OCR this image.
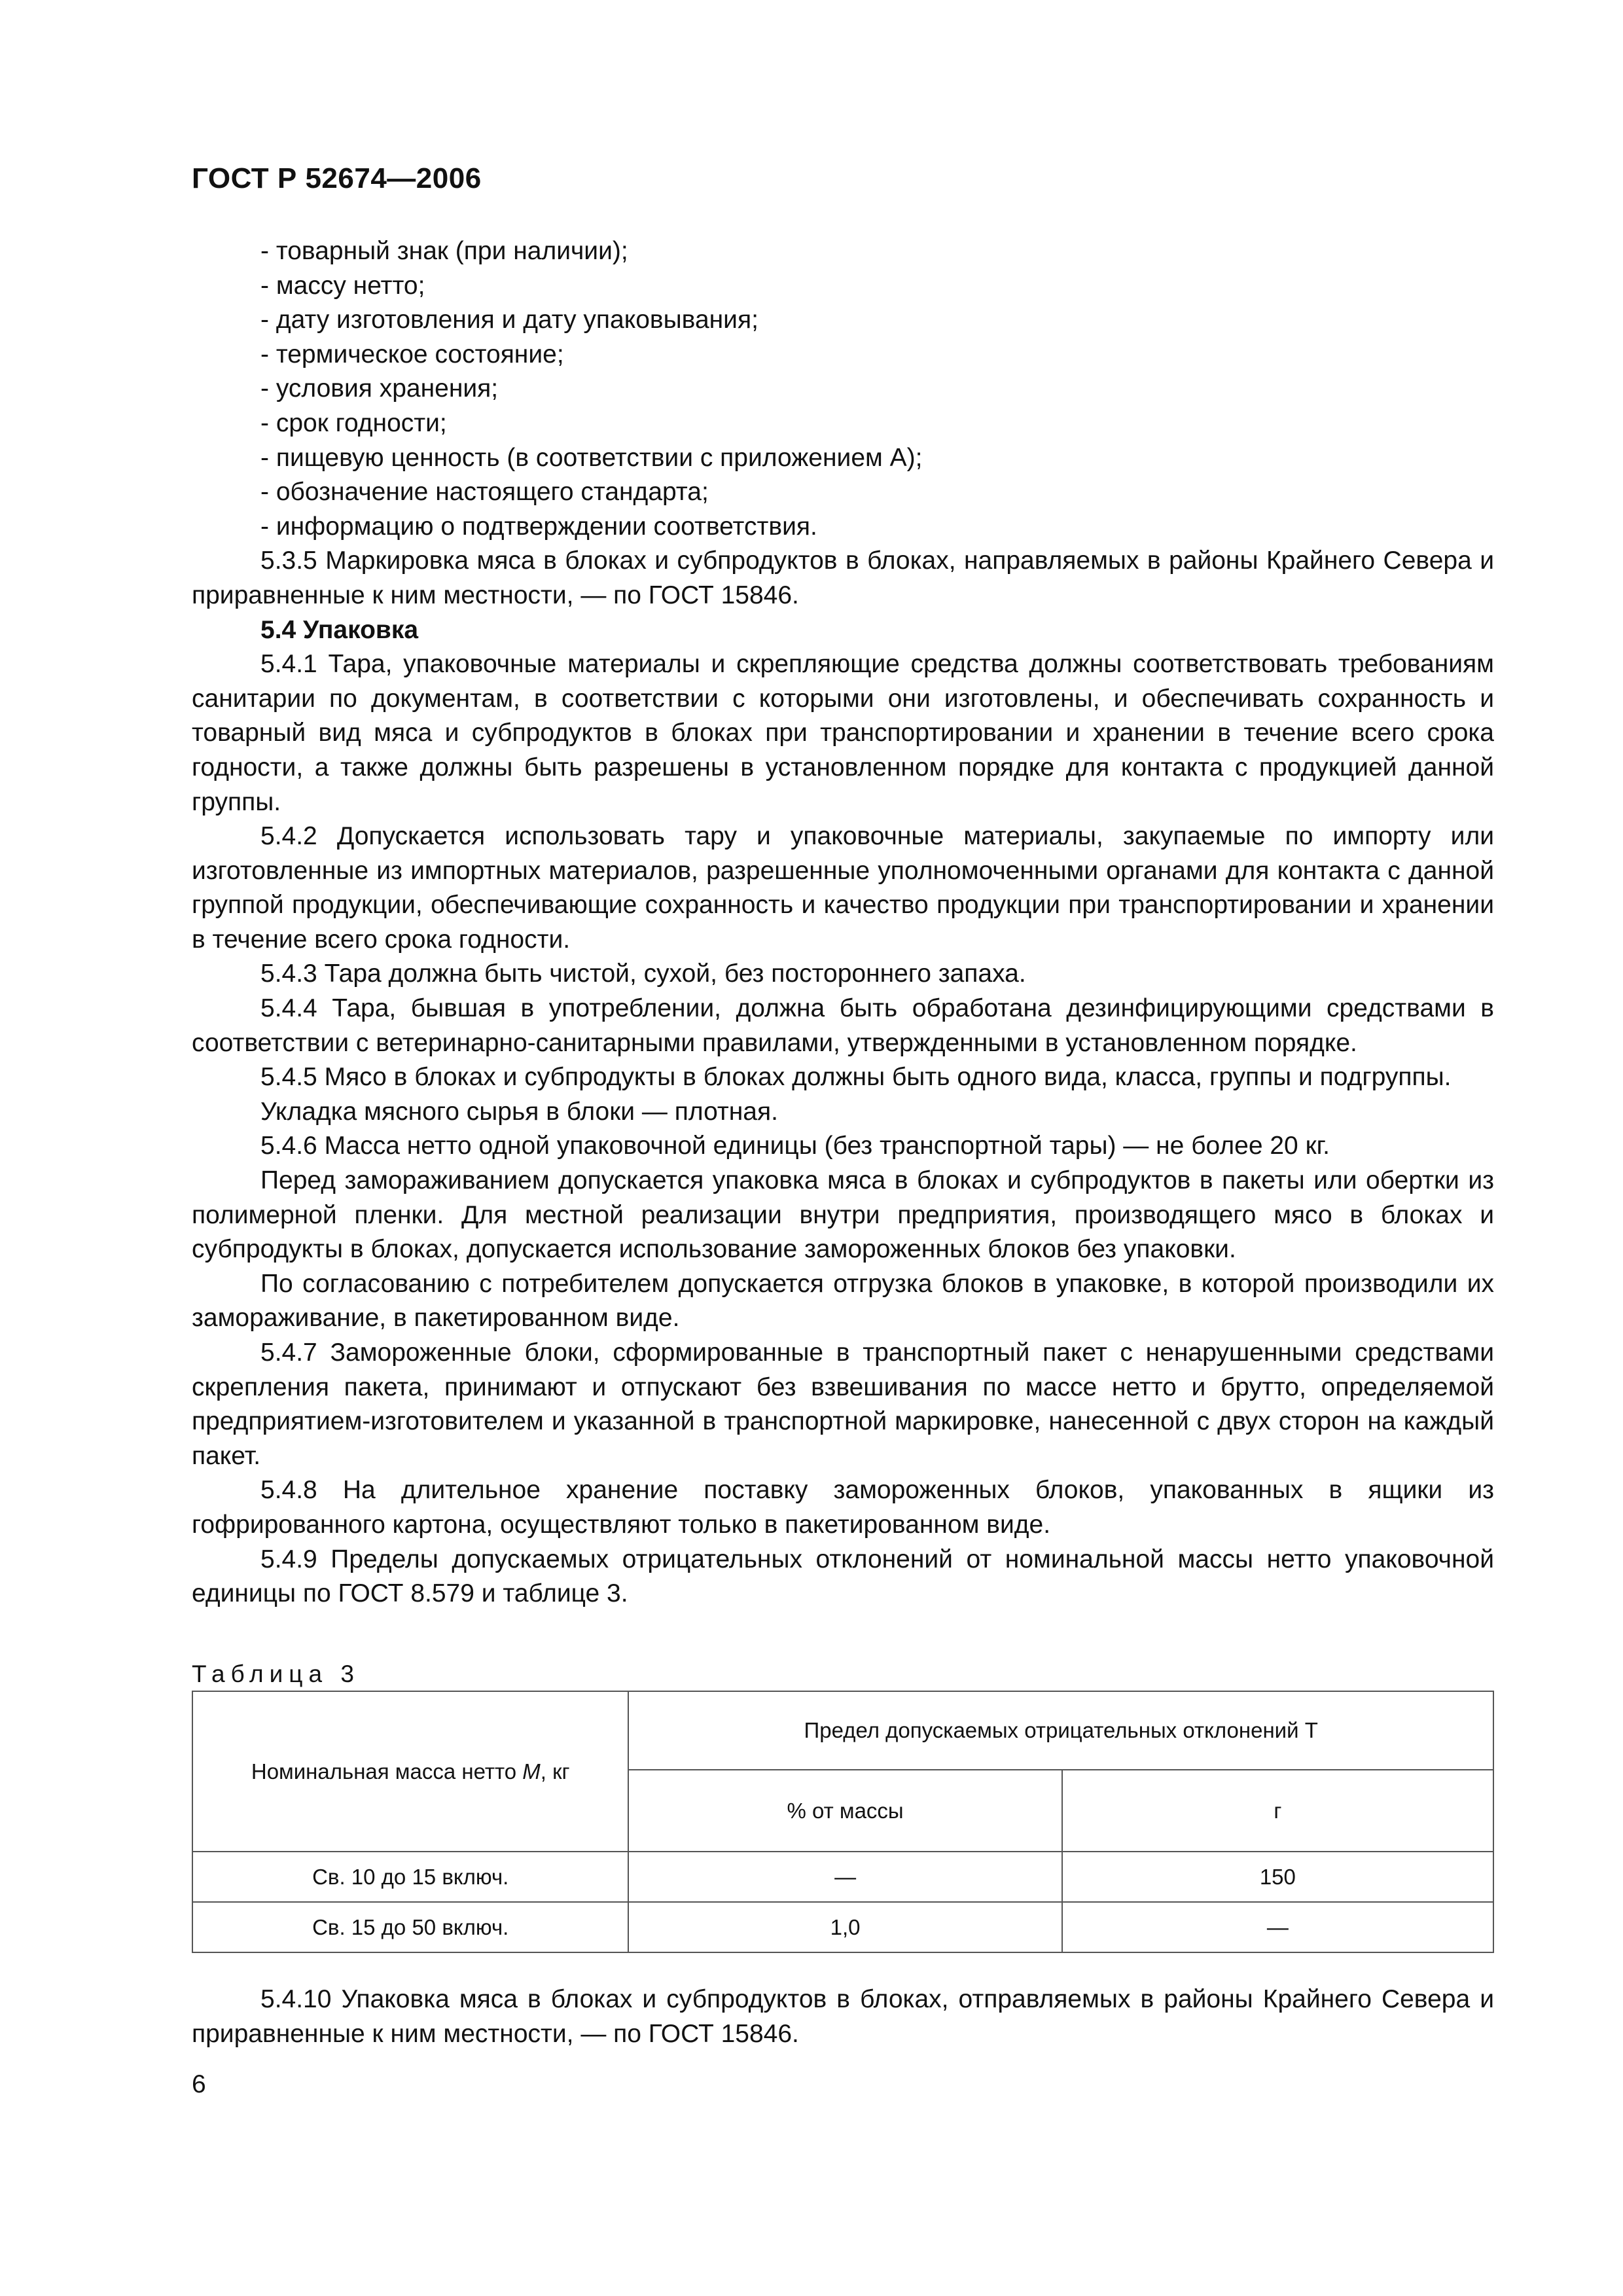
ГОСТ Р 52674—2006

- товарный знак (при наличии);

- массу нетто;

- дату изготовления и дату упаковывания;

- термическое состояние;

- условия хранения;

- срок годности;

- пищевую ценность (в соответствии с приложением А);

- обозначение настоящего стандарта;

- информацию о подтверждении соответствия.

5.3.5 Маркировка мяса в блоках и субпродуктов в блоках, направляемых в районы Крайнего Севера и приравненные к ним местности, — по ГОСТ 15846.

5.4 Упаковка

5.4.1 Тара, упаковочные материалы и скрепляющие средства должны соответствовать требованиям санитарии по документам, в соответствии с которыми они изготовлены, и обеспечивать сохранность и товарный вид мяса и субпродуктов в блоках при транспортировании и хранении в течение всего срока годности, а также должны быть разрешены в установленном порядке для контакта с продукцией данной группы.

5.4.2 Допускается использовать тару и упаковочные материалы, закупаемые по импорту или изготовленные из импортных материалов, разрешенные уполномоченными органами для контакта с данной группой продукции, обеспечивающие сохранность и качество продукции при транспортировании и хранении в течение всего срока годности.

5.4.3 Тара должна быть чистой, сухой, без постороннего запаха.

5.4.4 Тара, бывшая в употреблении, должна быть обработана дезинфицирующими средствами в соответствии с ветеринарно-санитарными правилами, утвержденными в установленном порядке.

5.4.5 Мясо в блоках и субпродукты в блоках должны быть одного вида, класса, группы и подгруппы.

Укладка мясного сырья в блоки — плотная.

5.4.6 Масса нетто одной упаковочной единицы (без транспортной тары) — не более 20 кг.

Перед замораживанием допускается упаковка мяса в блоках и субпродуктов в пакеты или обертки из полимерной пленки. Для местной реализации внутри предприятия, производящего мясо в блоках и субпродукты в блоках, допускается использование замороженных блоков без упаковки.

По согласованию с потребителем допускается отгрузка блоков в упаковке, в которой производили их замораживание, в пакетированном виде.

5.4.7 Замороженные блоки, сформированные в транспортный пакет с ненарушенными средствами скрепления пакета, принимают и отпускают без взвешивания по массе нетто и брутто, определяемой предприятием-изготовителем и указанной в транспортной маркировке, нанесенной с двух сторон на каждый пакет.

5.4.8 На длительное хранение поставку замороженных блоков, упакованных в ящики из гофрированного картона, осуществляют только в пакетированном виде.

5.4.9 Пределы допускаемых отрицательных отклонений от номинальной массы нетто упаковочной единицы по ГОСТ 8.579 и таблице 3.

Таблица 3
Номинальная масса нетто М, кг	Предел допускаемых отрицательных отклонений Т	
	% от массы	г
Св. 10 до 15 включ.	—	150
Св. 15 до 50 включ.	1,0	—

5.4.10 Упаковка мяса в блоках и субпродуктов в блоках, отправляемых в районы Крайнего Севера и приравненные к ним местности, — по ГОСТ 15846.

6
